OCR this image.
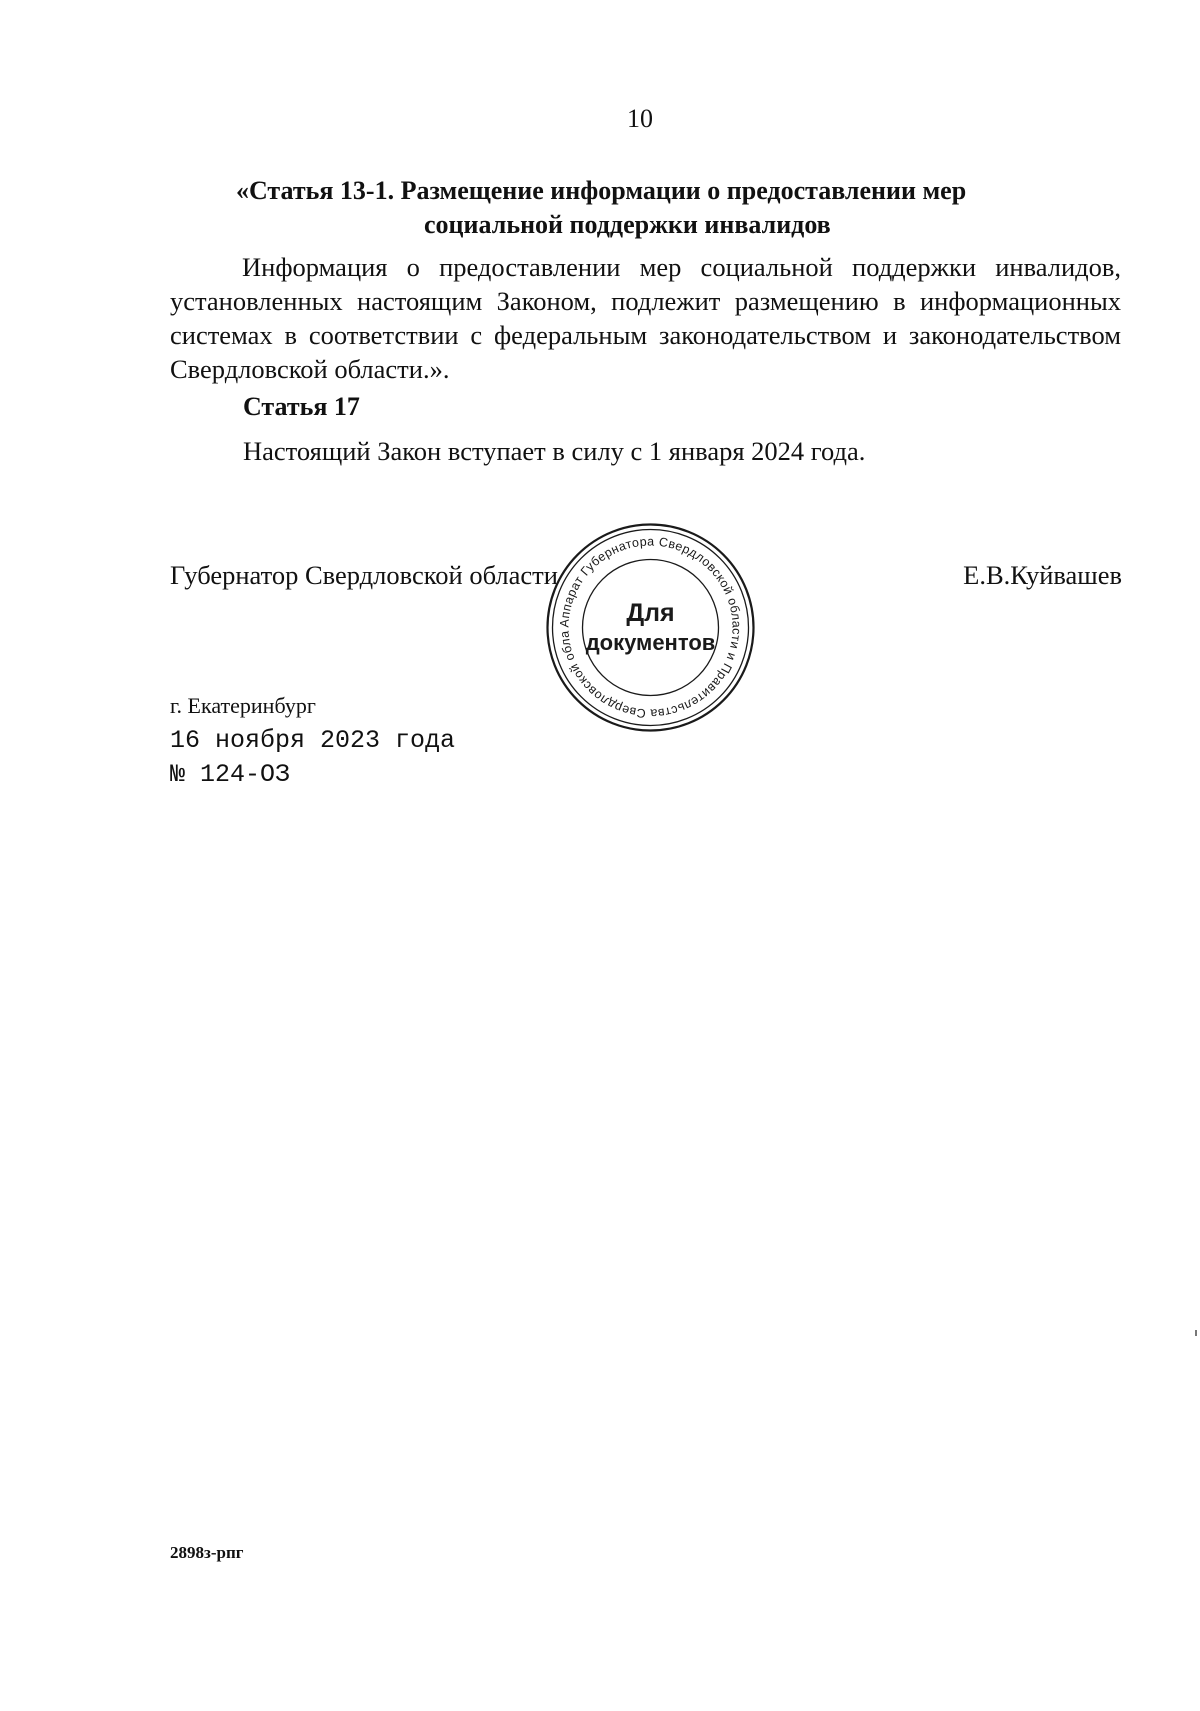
10
«Статья 13-1. Размещение информации о предоставлении мер
социальной поддержки инвалидов
Информация о предоставлении мер социальной поддержки инвалидов, установленных настоящим Законом, подлежит размещению в информационных системах в соответствии с федеральным законодательством и законодательством Свердловской области.».
Статья 17
Настоящий Закон вступает в силу с 1 января 2024 года.
Губернатор Свердловской области	Е.В.Куйвашев
Аппарат Губернатора Свердловской области и Правительства Свердловской обла
Для
документов
г. Екатеринбург
16 ноября 2023 года
№ 124-ОЗ
2898з-рпг
